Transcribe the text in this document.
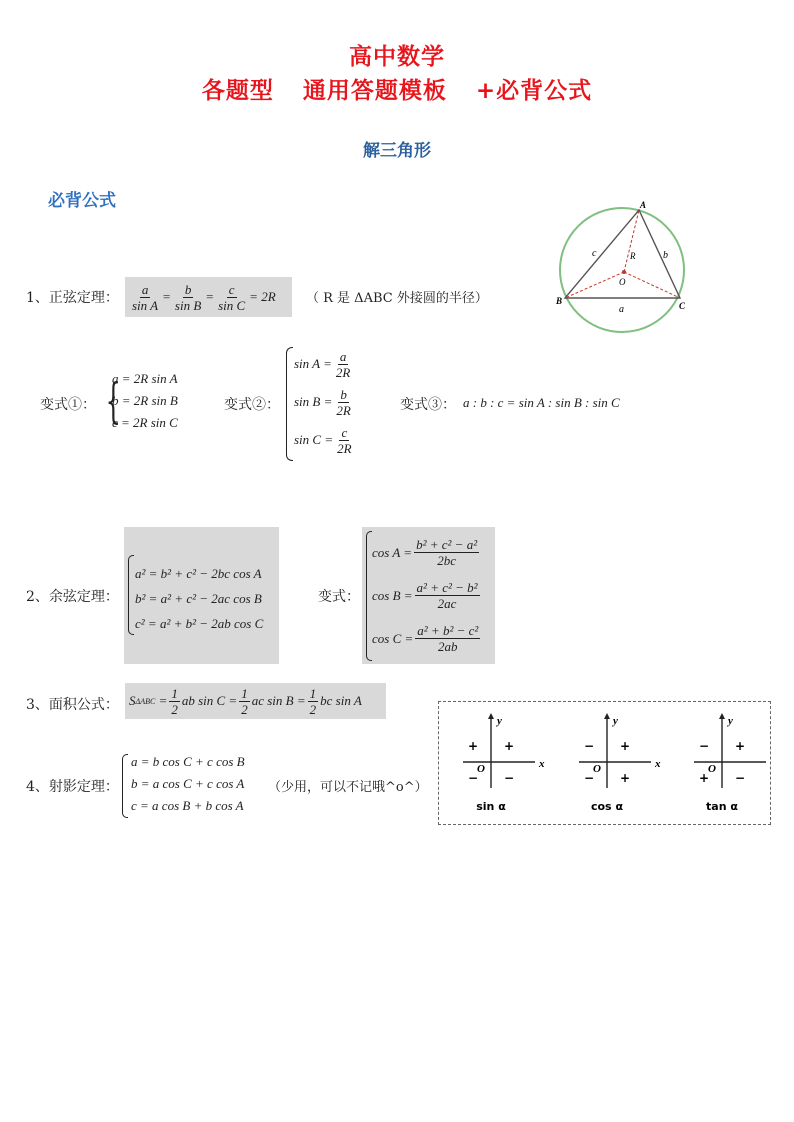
高中数学
各题型 通用答题模板 +必背公式
解三角形
必背公式	A
B	C
O
R
a
b
c
1、正弦定理： $\frac{a}{\text{sin A}} = \frac{b}{\text{sin B}} = \frac{c}{\text{sin C}} = 2R$ （ R 是 ΔABC 外接圆的半径）
变式①： {
a = 2R sin A
b = 2R sin B
c = 2R sin C
变式②：
$\sin A = \frac{a}{2R}$
$\sin B = \frac{b}{2R}$
$\sin C = \frac{c}{2R}$
变式③： a : b : c = sin A : sin B : sin C
2、余弦定理：
a² = b² + c² − 2bc cos A
b² = a² + c² − 2ac cos B
c² = a² + b² − 2ab cos C
变式：
$\cos A = \frac{\text{b² + c² − a²}}{2bc}$
$\cos B = \frac{\text{a² + c² − b²}}{2ac}$
$\cos C = \frac{\text{a² + b² − c²}}{2ab}$
3、面积公式： S $\Delta ABC = \frac{1}{2}$ ab $\sin C = \frac{1}{2}$ ac $\sin B = \frac{1}{2}$ bc sin A
4、射影定理：
a = b cos C + c cos B
b = a cos C + c cos A
c = a cos B + b cos A
（少用，可以不记哦^o^）
y
x
O
+
+
− −
sin α
y
x
O
+
−
− +
cos α
y
O
+
−
+ −
tan α
